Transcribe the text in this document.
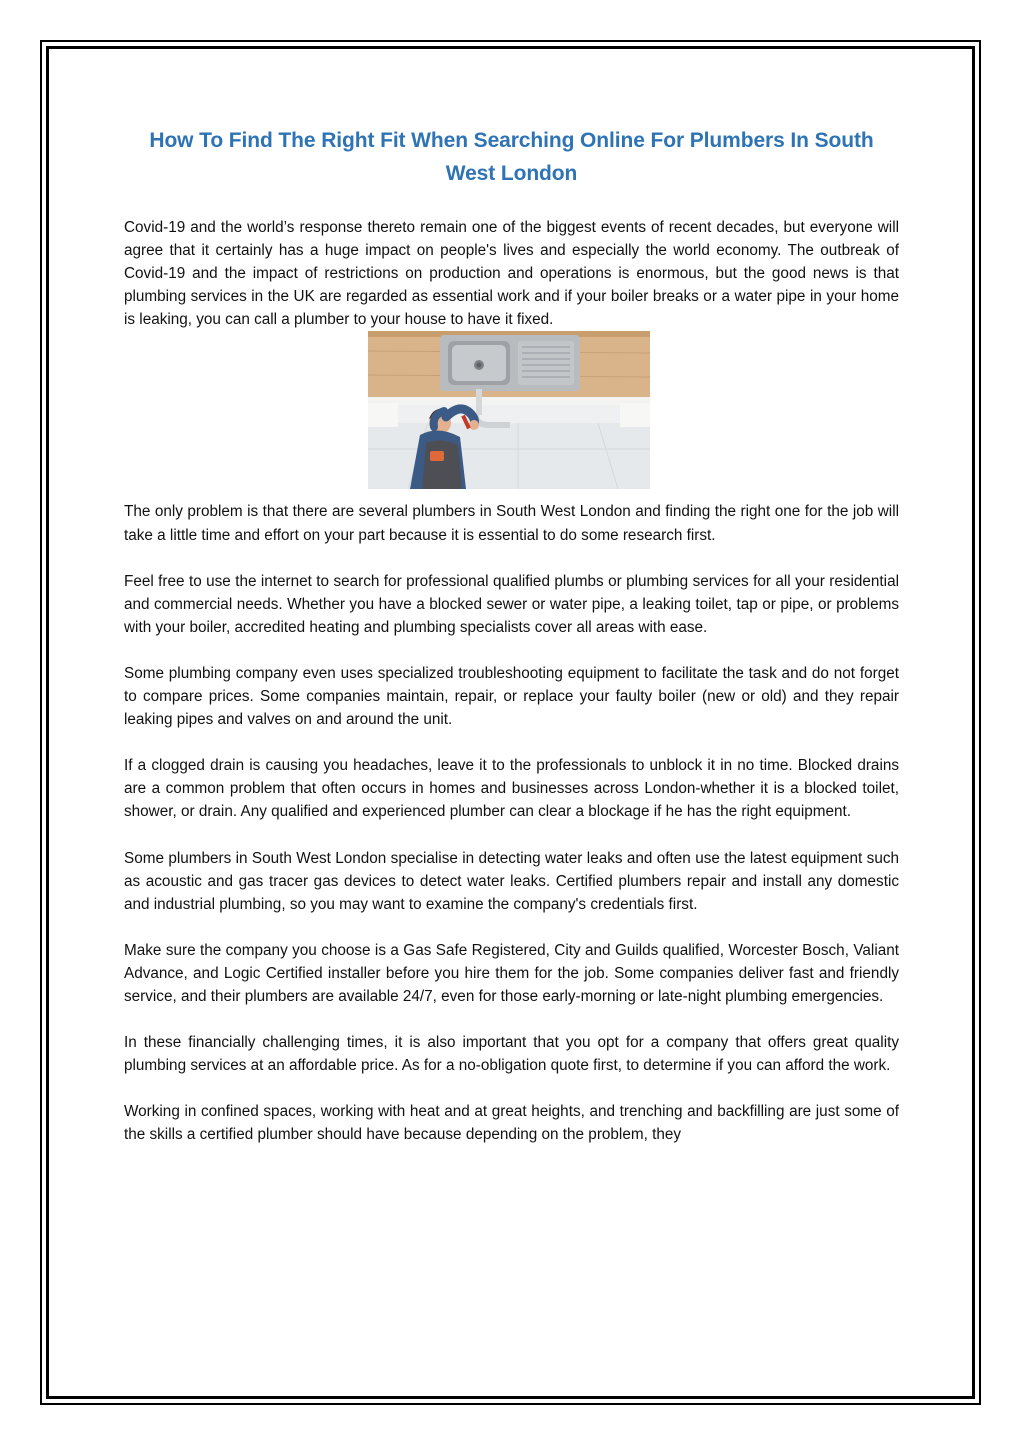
How To Find The Right Fit When Searching Online For Plumbers In South West London

Covid-19 and the world’s response thereto remain one of the biggest events of recent decades, but everyone will agree that it certainly has a huge impact on people's lives and especially the world economy. The outbreak of Covid-19 and the impact of restrictions on production and operations is enormous, but the good news is that plumbing services in the UK are regarded as essential work and if your boiler breaks or a water pipe in your home is leaking, you can call a plumber to your house to have it fixed.

The only problem is that there are several plumbers in South West London and finding the right one for the job will take a little time and effort on your part because it is essential to do some research first.

Feel free to use the internet to search for professional qualified plumbs or plumbing services for all your residential and commercial needs. Whether you have a blocked sewer or water pipe, a leaking toilet, tap or pipe, or problems with your boiler, accredited heating and plumbing specialists cover all areas with ease.

Some plumbing company even uses specialized troubleshooting equipment to facilitate the task and do not forget to compare prices. Some companies maintain, repair, or replace your faulty boiler (new or old) and they repair leaking pipes and valves on and around the unit.

If a clogged drain is causing you headaches, leave it to the professionals to unblock it in no time. Blocked drains are a common problem that often occurs in homes and businesses across London-whether it is a blocked toilet, shower, or drain. Any qualified and experienced plumber can clear a blockage if he has the right equipment.

Some plumbers in South West London specialise in detecting water leaks and often use the latest equipment such as acoustic and gas tracer gas devices to detect water leaks. Certified plumbers repair and install any domestic and industrial plumbing, so you may want to examine the company's credentials first.

Make sure the company you choose is a Gas Safe Registered, City and Guilds qualified, Worcester Bosch, Valiant Advance, and Logic Certified installer before you hire them for the job. Some companies deliver fast and friendly service, and their plumbers are available 24/7, even for those early-morning or late-night plumbing emergencies.

In these financially challenging times, it is also important that you opt for a company that offers great quality plumbing services at an affordable price. As for a no-obligation quote first, to determine if you can afford the work.

Working in confined spaces, working with heat and at great heights, and trenching and backfilling are just some of the skills a certified plumber should have because depending on the problem, they
